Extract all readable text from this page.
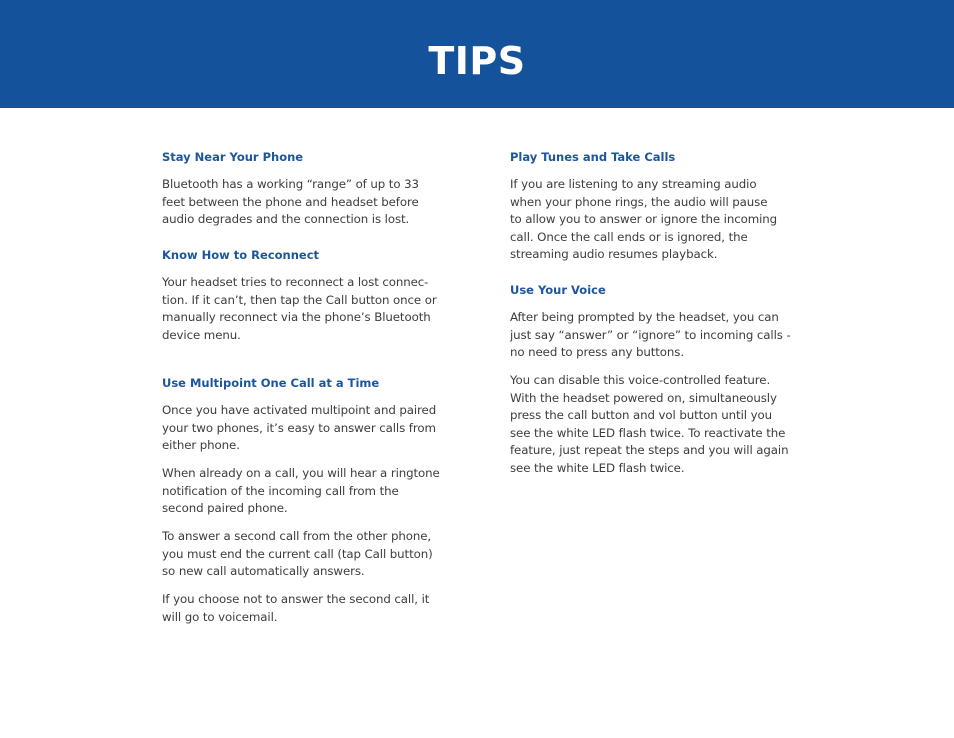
TIPS

Stay Near Your Phone

Bluetooth has a working “range” of up to 33
feet between the phone and headset before
audio degrades and the connection is lost.

Know How to Reconnect

Your headset tries to reconnect a lost connec-
tion. If it can’t, then tap the Call button once or
manually reconnect via the phone’s Bluetooth
device menu.

Use Multipoint One Call at a Time

Once you have activated multipoint and paired
your two phones, it’s easy to answer calls from
either phone.

When already on a call, you will hear a ringtone
notification of the incoming call from the
second paired phone.

To answer a second call from the other phone,
you must end the current call (tap Call button)
so new call automatically answers.

If you choose not to answer the second call, it
will go to voicemail.

Play Tunes and Take Calls

If you are listening to any streaming audio
when your phone rings, the audio will pause
to allow you to answer or ignore the incoming
call. Once the call ends or is ignored, the
streaming audio resumes playback.

Use Your Voice

After being prompted by the headset, you can
just say “answer” or “ignore” to incoming calls -
no need to press any buttons.

You can disable this voice-controlled feature.
With the headset powered on, simultaneously
press the call button and vol button until you
see the white LED flash twice. To reactivate the
feature, just repeat the steps and you will again
see the white LED flash twice.
